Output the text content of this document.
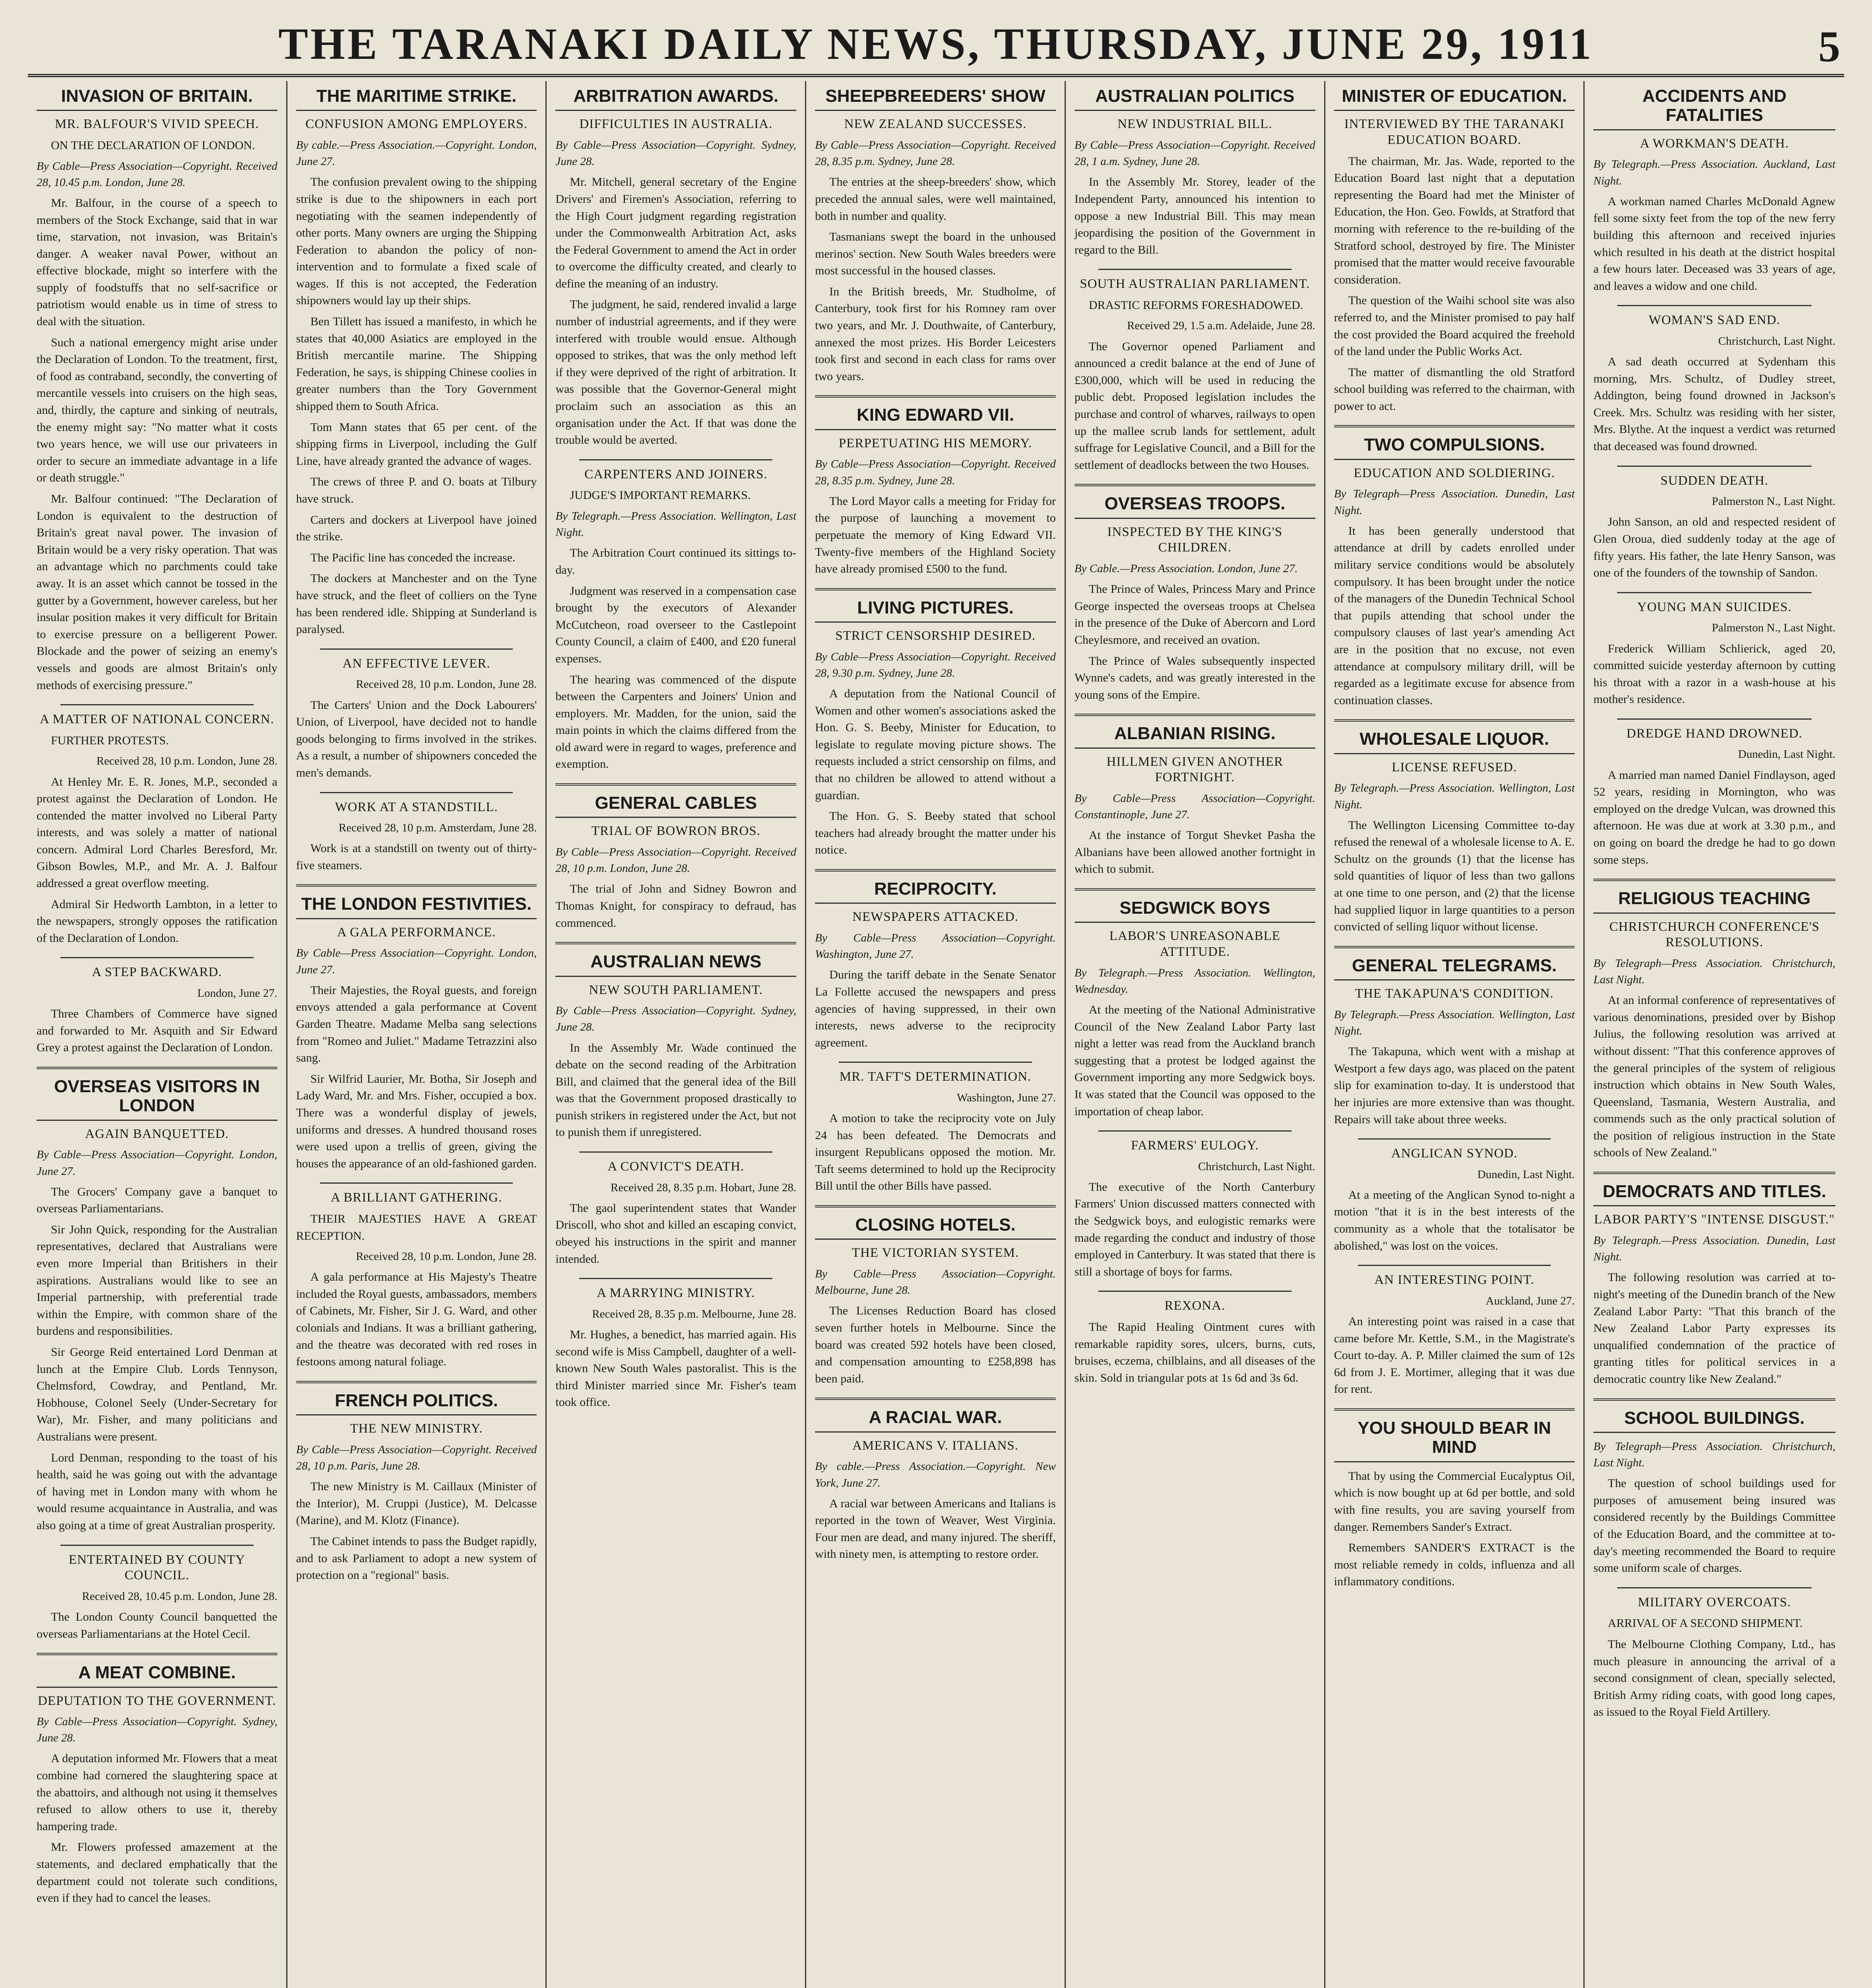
THE TARANAKI DAILY NEWS, THURSDAY, JUNE 29, 1911	5
INVASION OF BRITAIN.
MR. BALFOUR'S VIVID SPEECH.

ON THE DECLARATION OF LONDON.

By Cable—Press Association—Copyright. Received 28, 10.45 p.m. London, June 28.

Mr. Balfour, in the course of a speech to members of the Stock Exchange, said that in war time, starvation, not invasion, was Britain's danger. A weaker naval Power, without an effective blockade, might so interfere with the supply of foodstuffs that no self-sacrifice or patriotism would enable us in time of stress to deal with the situation.

Such a national emergency might arise under the Declaration of London. To the treatment, first, of food as contraband, secondly, the converting of mercantile vessels into cruisers on the high seas, and, thirdly, the capture and sinking of neutrals, the enemy might say: "No matter what it costs two years hence, we will use our privateers in order to secure an immediate advantage in a life or death struggle."

Mr. Balfour continued: "The Declaration of London is equivalent to the destruction of Britain's great naval power. The invasion of Britain would be a very risky operation. That was an advantage which no parchments could take away. It is an asset which cannot be tossed in the gutter by a Government, however careless, but her insular position makes it very difficult for Britain to exercise pressure on a belligerent Power. Blockade and the power of seizing an enemy's vessels and goods are almost Britain's only methods of exercising pressure."

A MATTER OF NATIONAL CONCERN.

FURTHER PROTESTS.

Received 28, 10 p.m. London, June 28.

At Henley Mr. E. R. Jones, M.P., seconded a protest against the Declaration of London. He contended the matter involved no Liberal Party interests, and was solely a matter of national concern. Admiral Lord Charles Beresford, Mr. Gibson Bowles, M.P., and Mr. A. J. Balfour addressed a great overflow meeting.

Admiral Sir Hedworth Lambton, in a letter to the newspapers, strongly opposes the ratification of the Declaration of London.

A STEP BACKWARD.

London, June 27.

Three Chambers of Commerce have signed and forwarded to Mr. Asquith and Sir Edward Grey a protest against the Declaration of London.

OVERSEAS VISITORS IN LONDON
AGAIN BANQUETTED.

By Cable—Press Association—Copyright. London, June 27.

The Grocers' Company gave a banquet to overseas Parliamentarians.

Sir John Quick, responding for the Australian representatives, declared that Australians were even more Imperial than Britishers in their aspirations. Australians would like to see an Imperial partnership, with preferential trade within the Empire, with common share of the burdens and responsibilities.

Sir George Reid entertained Lord Denman at lunch at the Empire Club. Lords Tennyson, Chelmsford, Cowdray, and Pentland, Mr. Hobhouse, Colonel Seely (Under-Secretary for War), Mr. Fisher, and many politicians and Australians were present.

Lord Denman, responding to the toast of his health, said he was going out with the advantage of having met in London many with whom he would resume acquaintance in Australia, and was also going at a time of great Australian prosperity.

ENTERTAINED BY COUNTY COUNCIL.

Received 28, 10.45 p.m. London, June 28.

The London County Council banquetted the overseas Parliamentarians at the Hotel Cecil.

A MEAT COMBINE.
DEPUTATION TO THE GOVERNMENT.

By Cable—Press Association—Copyright. Sydney, June 28.

A deputation informed Mr. Flowers that a meat combine had cornered the slaughtering space at the abattoirs, and although not using it themselves refused to allow others to use it, thereby hampering trade.

Mr. Flowers professed amazement at the statements, and declared emphatically that the department could not tolerate such conditions, even if they had to cancel the leases.

THE MARITIME STRIKE.
CONFUSION AMONG EMPLOYERS.

By cable.—Press Association.—Copyright. London, June 27.

The confusion prevalent owing to the shipping strike is due to the shipowners in each port negotiating with the seamen independently of other ports. Many owners are urging the Shipping Federation to abandon the policy of non-intervention and to formulate a fixed scale of wages. If this is not accepted, the Federation shipowners would lay up their ships.

Ben Tillett has issued a manifesto, in which he states that 40,000 Asiatics are employed in the British mercantile marine. The Shipping Federation, he says, is shipping Chinese coolies in greater numbers than the Tory Government shipped them to South Africa.

Tom Mann states that 65 per cent. of the shipping firms in Liverpool, including the Gulf Line, have already granted the advance of wages.

The crews of three P. and O. boats at Tilbury have struck.

Carters and dockers at Liverpool have joined the strike.

The Pacific line has conceded the increase.

The dockers at Manchester and on the Tyne have struck, and the fleet of colliers on the Tyne has been rendered idle. Shipping at Sunderland is paralysed.

AN EFFECTIVE LEVER.

Received 28, 10 p.m. London, June 28.

The Carters' Union and the Dock Labourers' Union, of Liverpool, have decided not to handle goods belonging to firms involved in the strikes. As a result, a number of shipowners conceded the men's demands.

WORK AT A STANDSTILL.

Received 28, 10 p.m. Amsterdam, June 28.

Work is at a standstill on twenty out of thirty-five steamers.

THE LONDON FESTIVITIES.
A GALA PERFORMANCE.

By Cable—Press Association—Copyright. London, June 27.

Their Majesties, the Royal guests, and foreign envoys attended a gala performance at Covent Garden Theatre. Madame Melba sang selections from "Romeo and Juliet." Madame Tetrazzini also sang.

Sir Wilfrid Laurier, Mr. Botha, Sir Joseph and Lady Ward, Mr. and Mrs. Fisher, occupied a box. There was a wonderful display of jewels, uniforms and dresses. A hundred thousand roses were used upon a trellis of green, giving the houses the appearance of an old-fashioned garden.

A BRILLIANT GATHERING.

THEIR MAJESTIES HAVE A GREAT RECEPTION.

Received 28, 10 p.m. London, June 28.

A gala performance at His Majesty's Theatre included the Royal guests, ambassadors, members of Cabinets, Mr. Fisher, Sir J. G. Ward, and other colonials and Indians. It was a brilliant gathering, and the theatre was decorated with red roses in festoons among natural foliage.

FRENCH POLITICS.
THE NEW MINISTRY.

By Cable—Press Association—Copyright. Received 28, 10 p.m. Paris, June 28.

The new Ministry is M. Caillaux (Minister of the Interior), M. Cruppi (Justice), M. Delcasse (Marine), and M. Klotz (Finance).

The Cabinet intends to pass the Budget rapidly, and to ask Parliament to adopt a new system of protection on a "regional" basis.

ARBITRATION AWARDS.
DIFFICULTIES IN AUSTRALIA.

By Cable—Press Association—Copyright. Sydney, June 28.

Mr. Mitchell, general secretary of the Engine Drivers' and Firemen's Association, referring to the High Court judgment regarding registration under the Commonwealth Arbitration Act, asks the Federal Government to amend the Act in order to overcome the difficulty created, and clearly to define the meaning of an industry.

The judgment, he said, rendered invalid a large number of industrial agreements, and if they were interfered with trouble would ensue. Although opposed to strikes, that was the only method left if they were deprived of the right of arbitration. It was possible that the Governor-General might proclaim such an association as this an organisation under the Act. If that was done the trouble would be averted.

CARPENTERS AND JOINERS.

JUDGE'S IMPORTANT REMARKS.

By Telegraph.—Press Association. Wellington, Last Night.

The Arbitration Court continued its sittings to-day.

Judgment was reserved in a compensation case brought by the executors of Alexander McCutcheon, road overseer to the Castlepoint County Council, a claim of £400, and £20 funeral expenses.

The hearing was commenced of the dispute between the Carpenters and Joiners' Union and employers. Mr. Madden, for the union, said the main points in which the claims differed from the old award were in regard to wages, preference and exemption.

GENERAL CABLES
TRIAL OF BOWRON BROS.

By Cable—Press Association—Copyright. Received 28, 10 p.m. London, June 28.

The trial of John and Sidney Bowron and Thomas Knight, for conspiracy to defraud, has commenced.

AUSTRALIAN NEWS
NEW SOUTH PARLIAMENT.

By Cable—Press Association—Copyright. Sydney, June 28.

In the Assembly Mr. Wade continued the debate on the second reading of the Arbitration Bill, and claimed that the general idea of the Bill was that the Government proposed drastically to punish strikers in registered under the Act, but not to punish them if unregistered.

A CONVICT'S DEATH.

Received 28, 8.35 p.m. Hobart, June 28.

The gaol superintendent states that Wander Driscoll, who shot and killed an escaping convict, obeyed his instructions in the spirit and manner intended.

A MARRYING MINISTRY.

Received 28, 8.35 p.m. Melbourne, June 28.

Mr. Hughes, a benedict, has married again. His second wife is Miss Campbell, daughter of a well-known New South Wales pastoralist. This is the third Minister married since Mr. Fisher's team took office.

SHEEPBREEDERS' SHOW
NEW ZEALAND SUCCESSES.

By Cable—Press Association—Copyright. Received 28, 8.35 p.m. Sydney, June 28.

The entries at the sheep-breeders' show, which preceded the annual sales, were well maintained, both in number and quality.

Tasmanians swept the board in the unhoused merinos' section. New South Wales breeders were most successful in the housed classes.

In the British breeds, Mr. Studholme, of Canterbury, took first for his Romney ram over two years, and Mr. J. Douthwaite, of Canterbury, annexed the most prizes. His Border Leicesters took first and second in each class for rams over two years.

KING EDWARD VII.
PERPETUATING HIS MEMORY.

By Cable—Press Association—Copyright. Received 28, 8.35 p.m. Sydney, June 28.

The Lord Mayor calls a meeting for Friday for the purpose of launching a movement to perpetuate the memory of King Edward VII. Twenty-five members of the Highland Society have already promised £500 to the fund.

LIVING PICTURES.
STRICT CENSORSHIP DESIRED.

By Cable—Press Association—Copyright. Received 28, 9.30 p.m. Sydney, June 28.

A deputation from the National Council of Women and other women's associations asked the Hon. G. S. Beeby, Minister for Education, to legislate to regulate moving picture shows. The requests included a strict censorship on films, and that no children be allowed to attend without a guardian.

The Hon. G. S. Beeby stated that school teachers had already brought the matter under his notice.

RECIPROCITY.
NEWSPAPERS ATTACKED.

By Cable—Press Association—Copyright. Washington, June 27.

During the tariff debate in the Senate Senator La Follette accused the newspapers and press agencies of having suppressed, in their own interests, news adverse to the reciprocity agreement.

MR. TAFT'S DETERMINATION.

Washington, June 27.

A motion to take the reciprocity vote on July 24 has been defeated. The Democrats and insurgent Republicans opposed the motion. Mr. Taft seems determined to hold up the Reciprocity Bill until the other Bills have passed.

CLOSING HOTELS.
THE VICTORIAN SYSTEM.

By Cable—Press Association—Copyright. Melbourne, June 28.

The Licenses Reduction Board has closed seven further hotels in Melbourne. Since the board was created 592 hotels have been closed, and compensation amounting to £258,898 has been paid.

A RACIAL WAR.
AMERICANS V. ITALIANS.

By cable.—Press Association.—Copyright. New York, June 27.

A racial war between Americans and Italians is reported in the town of Weaver, West Virginia. Four men are dead, and many injured. The sheriff, with ninety men, is attempting to restore order.

AUSTRALIAN POLITICS
NEW INDUSTRIAL BILL.

By Cable—Press Association—Copyright. Received 28, 1 a.m. Sydney, June 28.

In the Assembly Mr. Storey, leader of the Independent Party, announced his intention to oppose a new Industrial Bill. This may mean jeopardising the position of the Government in regard to the Bill.

SOUTH AUSTRALIAN PARLIAMENT.

DRASTIC REFORMS FORESHADOWED.

Received 29, 1.5 a.m. Adelaide, June 28.

The Governor opened Parliament and announced a credit balance at the end of June of £300,000, which will be used in reducing the public debt. Proposed legislation includes the purchase and control of wharves, railways to open up the mallee scrub lands for settlement, adult suffrage for Legislative Council, and a Bill for the settlement of deadlocks between the two Houses.

OVERSEAS TROOPS.
INSPECTED BY THE KING'S CHILDREN.

By Cable.—Press Association. London, June 27.

The Prince of Wales, Princess Mary and Prince George inspected the overseas troops at Chelsea in the presence of the Duke of Abercorn and Lord Cheylesmore, and received an ovation.

The Prince of Wales subsequently inspected Wynne's cadets, and was greatly interested in the young sons of the Empire.

ALBANIAN RISING.
HILLMEN GIVEN ANOTHER FORTNIGHT.

By Cable—Press Association—Copyright. Constantinople, June 27.

At the instance of Torgut Shevket Pasha the Albanians have been allowed another fortnight in which to submit.

SEDGWICK BOYS
LABOR'S UNREASONABLE ATTITUDE.

By Telegraph.—Press Association. Wellington, Wednesday.

At the meeting of the National Administrative Council of the New Zealand Labor Party last night a letter was read from the Auckland branch suggesting that a protest be lodged against the Government importing any more Sedgwick boys. It was stated that the Council was opposed to the importation of cheap labor.

FARMERS' EULOGY.

Christchurch, Last Night.

The executive of the North Canterbury Farmers' Union discussed matters connected with the Sedgwick boys, and eulogistic remarks were made regarding the conduct and industry of those employed in Canterbury. It was stated that there is still a shortage of boys for farms.

REXONA.

The Rapid Healing Ointment cures with remarkable rapidity sores, ulcers, burns, cuts, bruises, eczema, chilblains, and all diseases of the skin. Sold in triangular pots at 1s 6d and 3s 6d.

MINISTER OF EDUCATION.
INTERVIEWED BY THE TARANAKI EDUCATION BOARD.

The chairman, Mr. Jas. Wade, reported to the Education Board last night that a deputation representing the Board had met the Minister of Education, the Hon. Geo. Fowlds, at Stratford that morning with reference to the re-building of the Stratford school, destroyed by fire. The Minister promised that the matter would receive favourable consideration.

The question of the Waihi school site was also referred to, and the Minister promised to pay half the cost provided the Board acquired the freehold of the land under the Public Works Act.

The matter of dismantling the old Stratford school building was referred to the chairman, with power to act.

TWO COMPULSIONS.
EDUCATION AND SOLDIERING.

By Telegraph—Press Association. Dunedin, Last Night.

It has been generally understood that attendance at drill by cadets enrolled under military service conditions would be absolutely compulsory. It has been brought under the notice of the managers of the Dunedin Technical School that pupils attending that school under the compulsory clauses of last year's amending Act are in the position that no excuse, not even attendance at compulsory military drill, will be regarded as a legitimate excuse for absence from continuation classes.

WHOLESALE LIQUOR.
LICENSE REFUSED.

By Telegraph.—Press Association. Wellington, Last Night.

The Wellington Licensing Committee to-day refused the renewal of a wholesale license to A. E. Schultz on the grounds (1) that the license has sold quantities of liquor of less than two gallons at one time to one person, and (2) that the license had supplied liquor in large quantities to a person convicted of selling liquor without license.

GENERAL TELEGRAMS.
THE TAKAPUNA'S CONDITION.

By Telegraph.—Press Association. Wellington, Last Night.

The Takapuna, which went with a mishap at Westport a few days ago, was placed on the patent slip for examination to-day. It is understood that her injuries are more extensive than was thought. Repairs will take about three weeks.

ANGLICAN SYNOD.

Dunedin, Last Night.

At a meeting of the Anglican Synod to-night a motion "that it is in the best interests of the community as a whole that the totalisator be abolished," was lost on the voices.

AN INTERESTING POINT.

Auckland, June 27.

An interesting point was raised in a case that came before Mr. Kettle, S.M., in the Magistrate's Court to-day. A. P. Miller claimed the sum of 12s 6d from J. E. Mortimer, alleging that it was due for rent.

YOU SHOULD BEAR IN MIND

That by using the Commercial Eucalyptus Oil, which is now bought up at 6d per bottle, and sold with fine results, you are saving yourself from danger. Remembers Sander's Extract.

Remembers SANDER'S EXTRACT is the most reliable remedy in colds, influenza and all inflammatory conditions.

ACCIDENTS AND FATALITIES
A WORKMAN'S DEATH.

By Telegraph.—Press Association. Auckland, Last Night.

A workman named Charles McDonald Agnew fell some sixty feet from the top of the new ferry building this afternoon and received injuries which resulted in his death at the district hospital a few hours later. Deceased was 33 years of age, and leaves a widow and one child.

WOMAN'S SAD END.

Christchurch, Last Night.

A sad death occurred at Sydenham this morning, Mrs. Schultz, of Dudley street, Addington, being found drowned in Jackson's Creek. Mrs. Schultz was residing with her sister, Mrs. Blythe. At the inquest a verdict was returned that deceased was found drowned.

SUDDEN DEATH.

Palmerston N., Last Night.

John Sanson, an old and respected resident of Glen Oroua, died suddenly today at the age of fifty years. His father, the late Henry Sanson, was one of the founders of the township of Sandon.

YOUNG MAN SUICIDES.

Palmerston N., Last Night.

Frederick William Schlierick, aged 20, committed suicide yesterday afternoon by cutting his throat with a razor in a wash-house at his mother's residence.

DREDGE HAND DROWNED.

Dunedin, Last Night.

A married man named Daniel Findlayson, aged 52 years, residing in Mornington, who was employed on the dredge Vulcan, was drowned this afternoon. He was due at work at 3.30 p.m., and on going on board the dredge he had to go down some steps.

RELIGIOUS TEACHING
CHRISTCHURCH CONFERENCE'S RESOLUTIONS.

By Telegraph—Press Association. Christchurch, Last Night.

At an informal conference of representatives of various denominations, presided over by Bishop Julius, the following resolution was arrived at without dissent: "That this conference approves of the general principles of the system of religious instruction which obtains in New South Wales, Queensland, Tasmania, Western Australia, and commends such as the only practical solution of the position of religious instruction in the State schools of New Zealand."

DEMOCRATS AND TITLES.
LABOR PARTY'S "INTENSE DISGUST."

By Telegraph.—Press Association. Dunedin, Last Night.

The following resolution was carried at to-night's meeting of the Dunedin branch of the New Zealand Labor Party: "That this branch of the New Zealand Labor Party expresses its unqualified condemnation of the practice of granting titles for political services in a democratic country like New Zealand."

SCHOOL BUILDINGS.

By Telegraph—Press Association. Christchurch, Last Night.

The question of school buildings used for purposes of amusement being insured was considered recently by the Buildings Committee of the Education Board, and the committee at to-day's meeting recommended the Board to require some uniform scale of charges.

MILITARY OVERCOATS.

ARRIVAL OF A SECOND SHIPMENT.

The Melbourne Clothing Company, Ltd., has much pleasure in announcing the arrival of a second consignment of clean, specially selected, British Army riding coats, with good long capes, as issued to the Royal Field Artillery.
